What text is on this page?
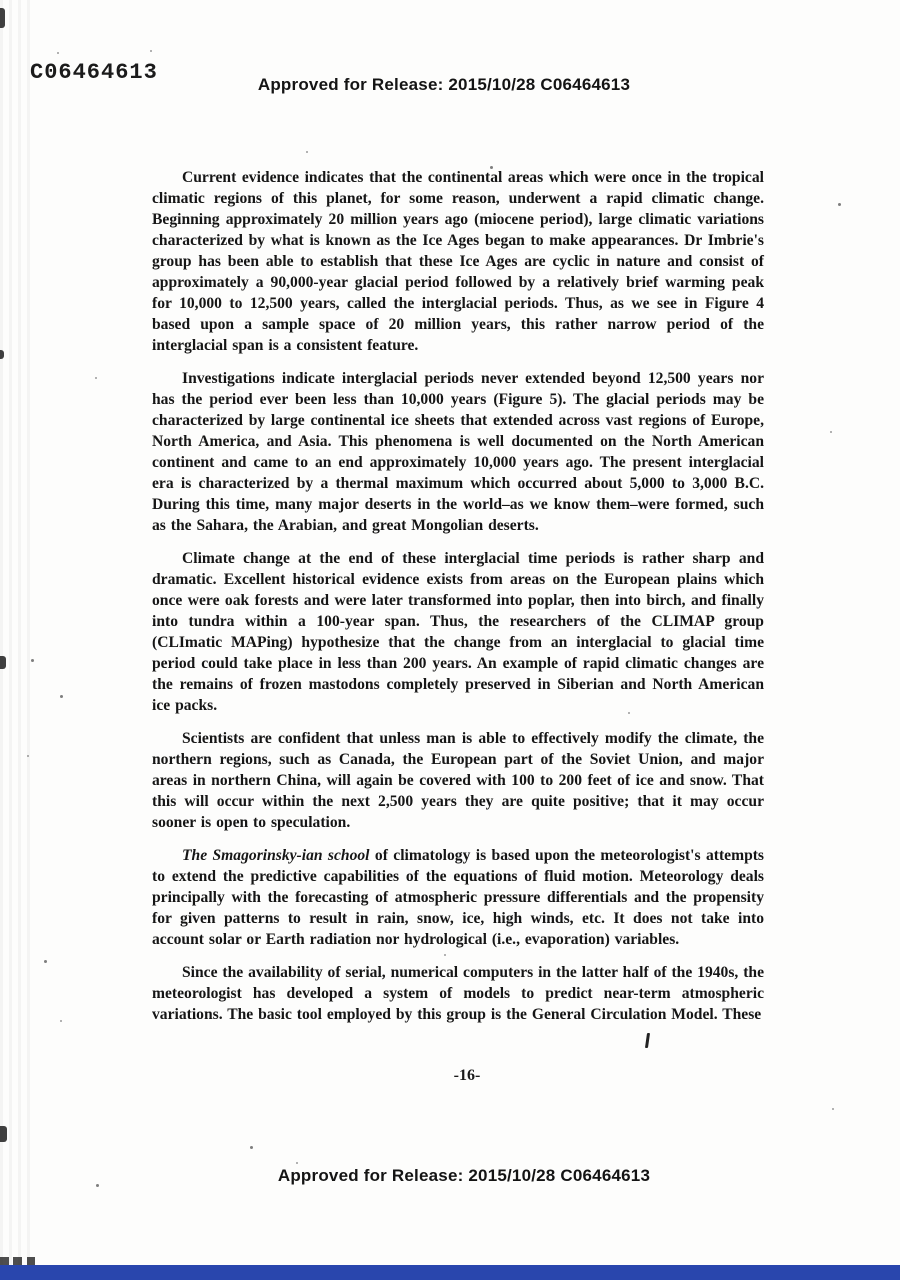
C06464613	Approved for Release: 2015/10/28 C06464613

Current evidence indicates that the continental areas which were once in the tropical climatic regions of this planet, for some reason, underwent a rapid climatic change. Beginning approximately 20 million years ago (miocene period), large climatic variations characterized by what is known as the Ice Ages began to make appearances. Dr Imbrie's group has been able to establish that these Ice Ages are cyclic in nature and consist of approximately a 90,000-year glacial period followed by a relatively brief warming peak for 10,000 to 12,500 years, called the interglacial periods. Thus, as we see in Figure 4 based upon a sample space of 20 million years, this rather narrow period of the interglacial span is a consistent feature.

Investigations indicate interglacial periods never extended beyond 12,500 years nor has the period ever been less than 10,000 years (Figure 5). The glacial periods may be characterized by large continental ice sheets that extended across vast regions of Europe, North America, and Asia. This phenomena is well documented on the North American continent and came to an end approximately 10,000 years ago. The present interglacial era is characterized by a thermal maximum which occurred about 5,000 to 3,000 B.C. During this time, many major deserts in the world–as we know them–were formed, such as the Sahara, the Arabian, and great Mongolian deserts.

Climate change at the end of these interglacial time periods is rather sharp and dramatic. Excellent historical evidence exists from areas on the European plains which once were oak forests and were later transformed into poplar, then into birch, and finally into tundra within a 100-year span. Thus, the researchers of the CLIMAP group (CLImatic MAPing) hypothesize that the change from an interglacial to glacial time period could take place in less than 200 years. An example of rapid climatic changes are the remains of frozen mastodons completely preserved in Siberian and North American ice packs.

Scientists are confident that unless man is able to effectively modify the climate, the northern regions, such as Canada, the European part of the Soviet Union, and major areas in northern China, will again be covered with 100 to 200 feet of ice and snow. That this will occur within the next 2,500 years they are quite positive; that it may occur sooner is open to speculation.

The Smagorinsky-ian school of climatology is based upon the meteorologist's attempts to extend the predictive capabilities of the equations of fluid motion. Meteorology deals principally with the forecasting of atmospheric pressure differentials and the propensity for given patterns to result in rain, snow, ice, high winds, etc. It does not take into account solar or Earth radiation nor hydrological (i.e., evaporation) variables.

Since the availability of serial, numerical computers in the latter half of the 1940s, the meteorologist has developed a system of models to predict near-term atmospheric variations. The basic tool employed by this group is the General Circulation Model. These

-16-
Approved for Release: 2015/10/28 C06464613
